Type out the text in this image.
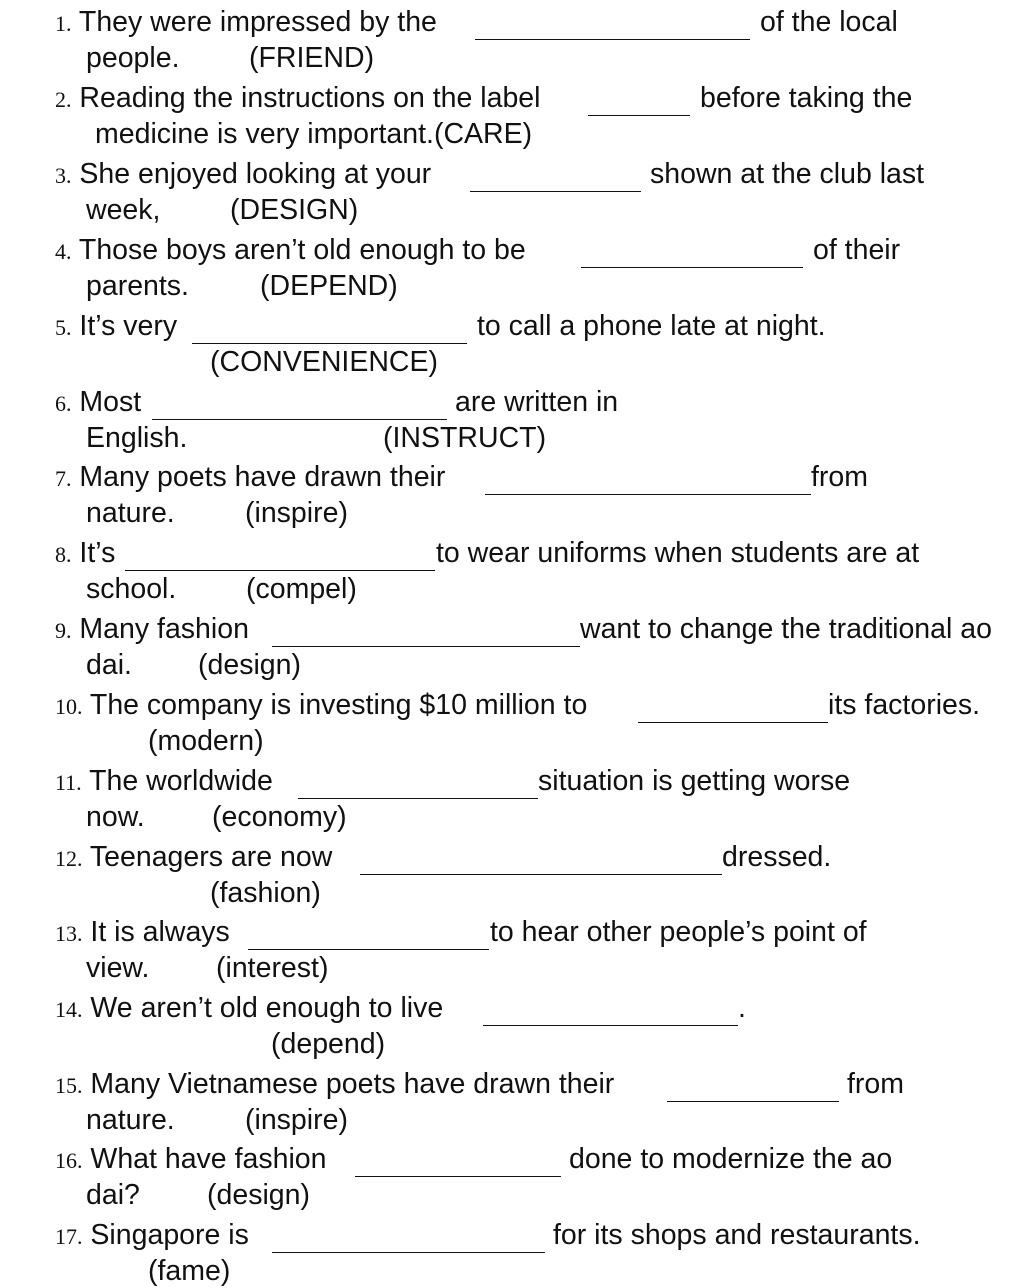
1. They were impressed by the	of the local
people. (FRIEND)
2. Reading the instructions on the label	before taking the
medicine is very important.(CARE)
3. She enjoyed looking at your	shown at the club last
week, (DESIGN)
4. Those boys aren’t old enough to be	of their
parents. (DEPEND)
5. It’s very	to call a phone late at night.
(CONVENIENCE)
6. Most	are written in
English.	(INSTRUCT)
7. Many poets have drawn their	from
nature. (inspire)
8. It’s	to wear uniforms when students are at
school. (compel)
9. Many fashion	want to change the traditional ao
dai. (design)
10. The company is investing $10 million to	its factories.
(modern)
11. The worldwide	situation is getting worse
now. (economy)
12. Teenagers are now	dressed.
(fashion)
13. It is always	to hear other people’s point of
view. (interest)
14. We aren’t old enough to live	.
(depend)
15. Many Vietnamese poets have drawn their	from
nature. (inspire)
16. What have fashion	done to modernize the ao
dai? (design)
17. Singapore is	for its shops and restaurants.
(fame)
